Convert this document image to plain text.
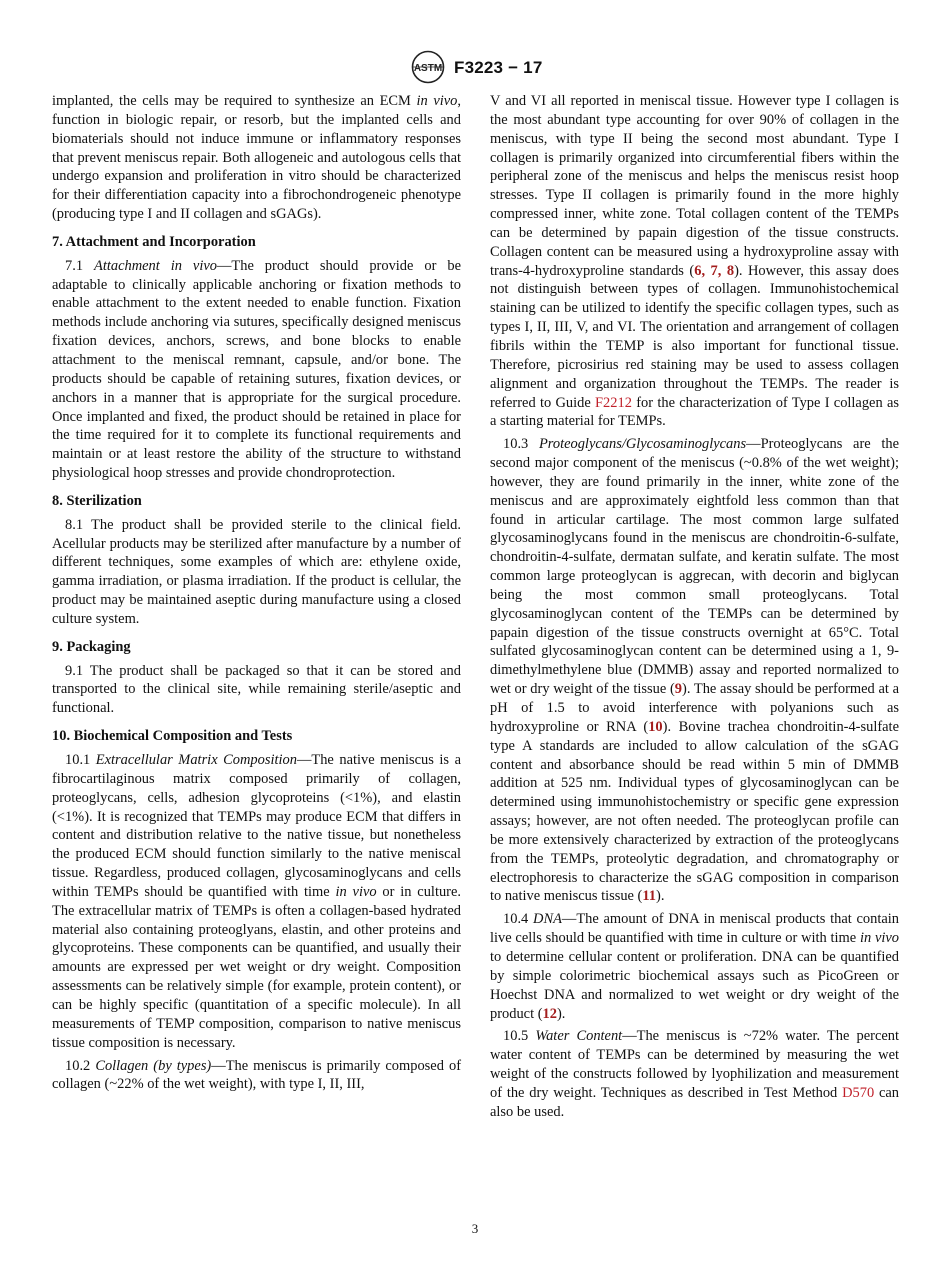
ASTM F3223 − 17

implanted, the cells may be required to synthesize an ECM in vivo, function in biologic repair, or resorb, but the implanted cells and biomaterials should not induce immune or inflammatory responses that prevent meniscus repair. Both allogeneic and autologous cells that undergo expansion and proliferation in vitro should be characterized for their differentiation capacity into a fibrochondrogeneic phenotype (producing type I and II collagen and sGAGs).

7. Attachment and Incorporation

7.1 Attachment in vivo—The product should provide or be adaptable to clinically applicable anchoring or fixation methods to enable attachment to the extent needed to enable function. Fixation methods include anchoring via sutures, specifically designed meniscus fixation devices, anchors, screws, and bone blocks to enable attachment to the meniscal remnant, capsule, and/or bone. The products should be capable of retaining sutures, fixation devices, or anchors in a manner that is appropriate for the surgical procedure. Once implanted and fixed, the product should be retained in place for the time required for it to complete its functional requirements and maintain or at least restore the ability of the structure to withstand physiological hoop stresses and provide chondroprotection.

8. Sterilization

8.1 The product shall be provided sterile to the clinical field. Acellular products may be sterilized after manufacture by a number of different techniques, some examples of which are: ethylene oxide, gamma irradiation, or plasma irradiation. If the product is cellular, the product may be maintained aseptic during manufacture using a closed culture system.

9. Packaging

9.1 The product shall be packaged so that it can be stored and transported to the clinical site, while remaining sterile/aseptic and functional.

10. Biochemical Composition and Tests

10.1 Extracellular Matrix Composition—The native meniscus is a fibrocartilaginous matrix composed primarily of collagen, proteoglycans, cells, adhesion glycoproteins (<1%), and elastin (<1%). It is recognized that TEMPs may produce ECM that differs in content and distribution relative to the native tissue, but nonetheless the produced ECM should function similarly to the native meniscal tissue. Regardless, produced collagen, glycosaminoglycans and cells within TEMPs should be quantified with time in vivo or in culture. The extracellular matrix of TEMPs is often a collagen-based hydrated material also containing proteoglyans, elastin, and other proteins and glycoproteins. These components can be quantified, and usually their amounts are expressed per wet weight or dry weight. Composition assessments can be relatively simple (for example, protein content), or can be highly specific (quantitation of a specific molecule). In all measurements of TEMP composition, comparison to native meniscus tissue composition is necessary.

10.2 Collagen (by types)—The meniscus is primarily composed of collagen (~22% of the wet weight), with type I, II, III,

V and VI all reported in meniscal tissue. However type I collagen is the most abundant type accounting for over 90% of collagen in the meniscus, with type II being the second most abundant. Type I collagen is primarily organized into circumferential fibers within the peripheral zone of the meniscus and helps the meniscus resist hoop stresses. Type II collagen is primarily found in the more highly compressed inner, white zone. Total collagen content of the TEMPs can be determined by papain digestion of the tissue constructs. Collagen content can be measured using a hydroxyproline assay with trans-4-hydroxyproline standards (6, 7, 8). However, this assay does not distinguish between types of collagen. Immunohistochemical staining can be utilized to identify the specific collagen types, such as types I, II, III, V, and VI. The orientation and arrangement of collagen fibrils within the TEMP is also important for functional tissue. Therefore, picrosirius red staining may be used to assess collagen alignment and organization throughout the TEMPs. The reader is referred to Guide F2212 for the characterization of Type I collagen as a starting material for TEMPs.

10.3 Proteoglycans/Glycosaminoglycans—Proteoglycans are the second major component of the meniscus (~0.8% of the wet weight); however, they are found primarily in the inner, white zone of the meniscus and are approximately eightfold less common than that found in articular cartilage. The most common large sulfated glycosaminoglycans found in the meniscus are chondroitin-6-sulfate, chondroitin-4-sulfate, dermatan sulfate, and keratin sulfate. The most common large proteoglycan is aggrecan, with decorin and biglycan being the most common small proteoglycans. Total glycosaminoglycan content of the TEMPs can be determined by papain digestion of the tissue constructs overnight at 65°C. Total sulfated glycosaminoglycan content can be determined using a 1, 9-dimethylmethylene blue (DMMB) assay and reported normalized to wet or dry weight of the tissue (9). The assay should be performed at a pH of 1.5 to avoid interference with polyanions such as hydroxyproline or RNA (10). Bovine trachea chondroitin-4-sulfate type A standards are included to allow calculation of the sGAG content and absorbance should be read within 5 min of DMMB addition at 525 nm. Individual types of glycosaminoglycan can be determined using immunohistochemistry or specific gene expression assays; however, are not often needed. The proteoglycan profile can be more extensively characterized by extraction of the proteoglycans from the TEMPs, proteolytic degradation, and chromatography or electrophoresis to characterize the sGAG composition in comparison to native meniscus tissue (11).

10.4 DNA—The amount of DNA in meniscal products that contain live cells should be quantified with time in culture or with time in vivo to determine cellular content or proliferation. DNA can be quantified by simple colorimetric biochemical assays such as PicoGreen or Hoechst DNA and normalized to wet weight or dry weight of the product (12).

10.5 Water Content—The meniscus is ~72% water. The percent water content of TEMPs can be determined by measuring the wet weight of the constructs followed by lyophilization and measurement of the dry weight. Techniques as described in Test Method D570 can also be used.

3
